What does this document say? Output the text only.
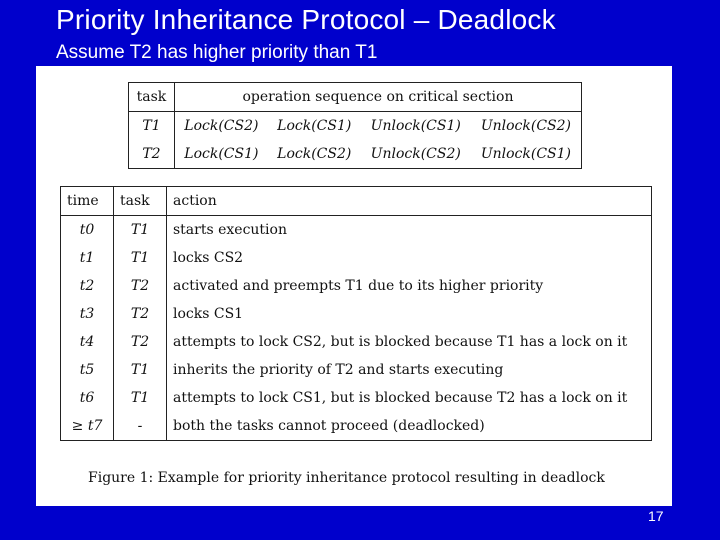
Priority Inheritance Protocol – Deadlock
Assume T2 has higher priority than T1
task	operation sequence on critical section			
T1	Lock(CS2)	Lock(CS1)	Unlock(CS1)	Unlock(CS2)
T2	Lock(CS1)	Lock(CS2)	Unlock(CS2)	Unlock(CS1)
time	task	action
t0	T1	starts execution
t1	T1	locks CS2
t2	T2	activated and preempts T1 due to its higher priority
t3	T2	locks CS1
t4	T2	attempts to lock CS2, but is blocked because T1 has a lock on it
t5	T1	inherits the priority of T2 and starts executing
t6	T1	attempts to lock CS1, but is blocked because T2 has a lock on it
≥ t7	-	both the tasks cannot proceed (deadlocked)
Figure 1: Example for priority inheritance protocol resulting in deadlock
17
